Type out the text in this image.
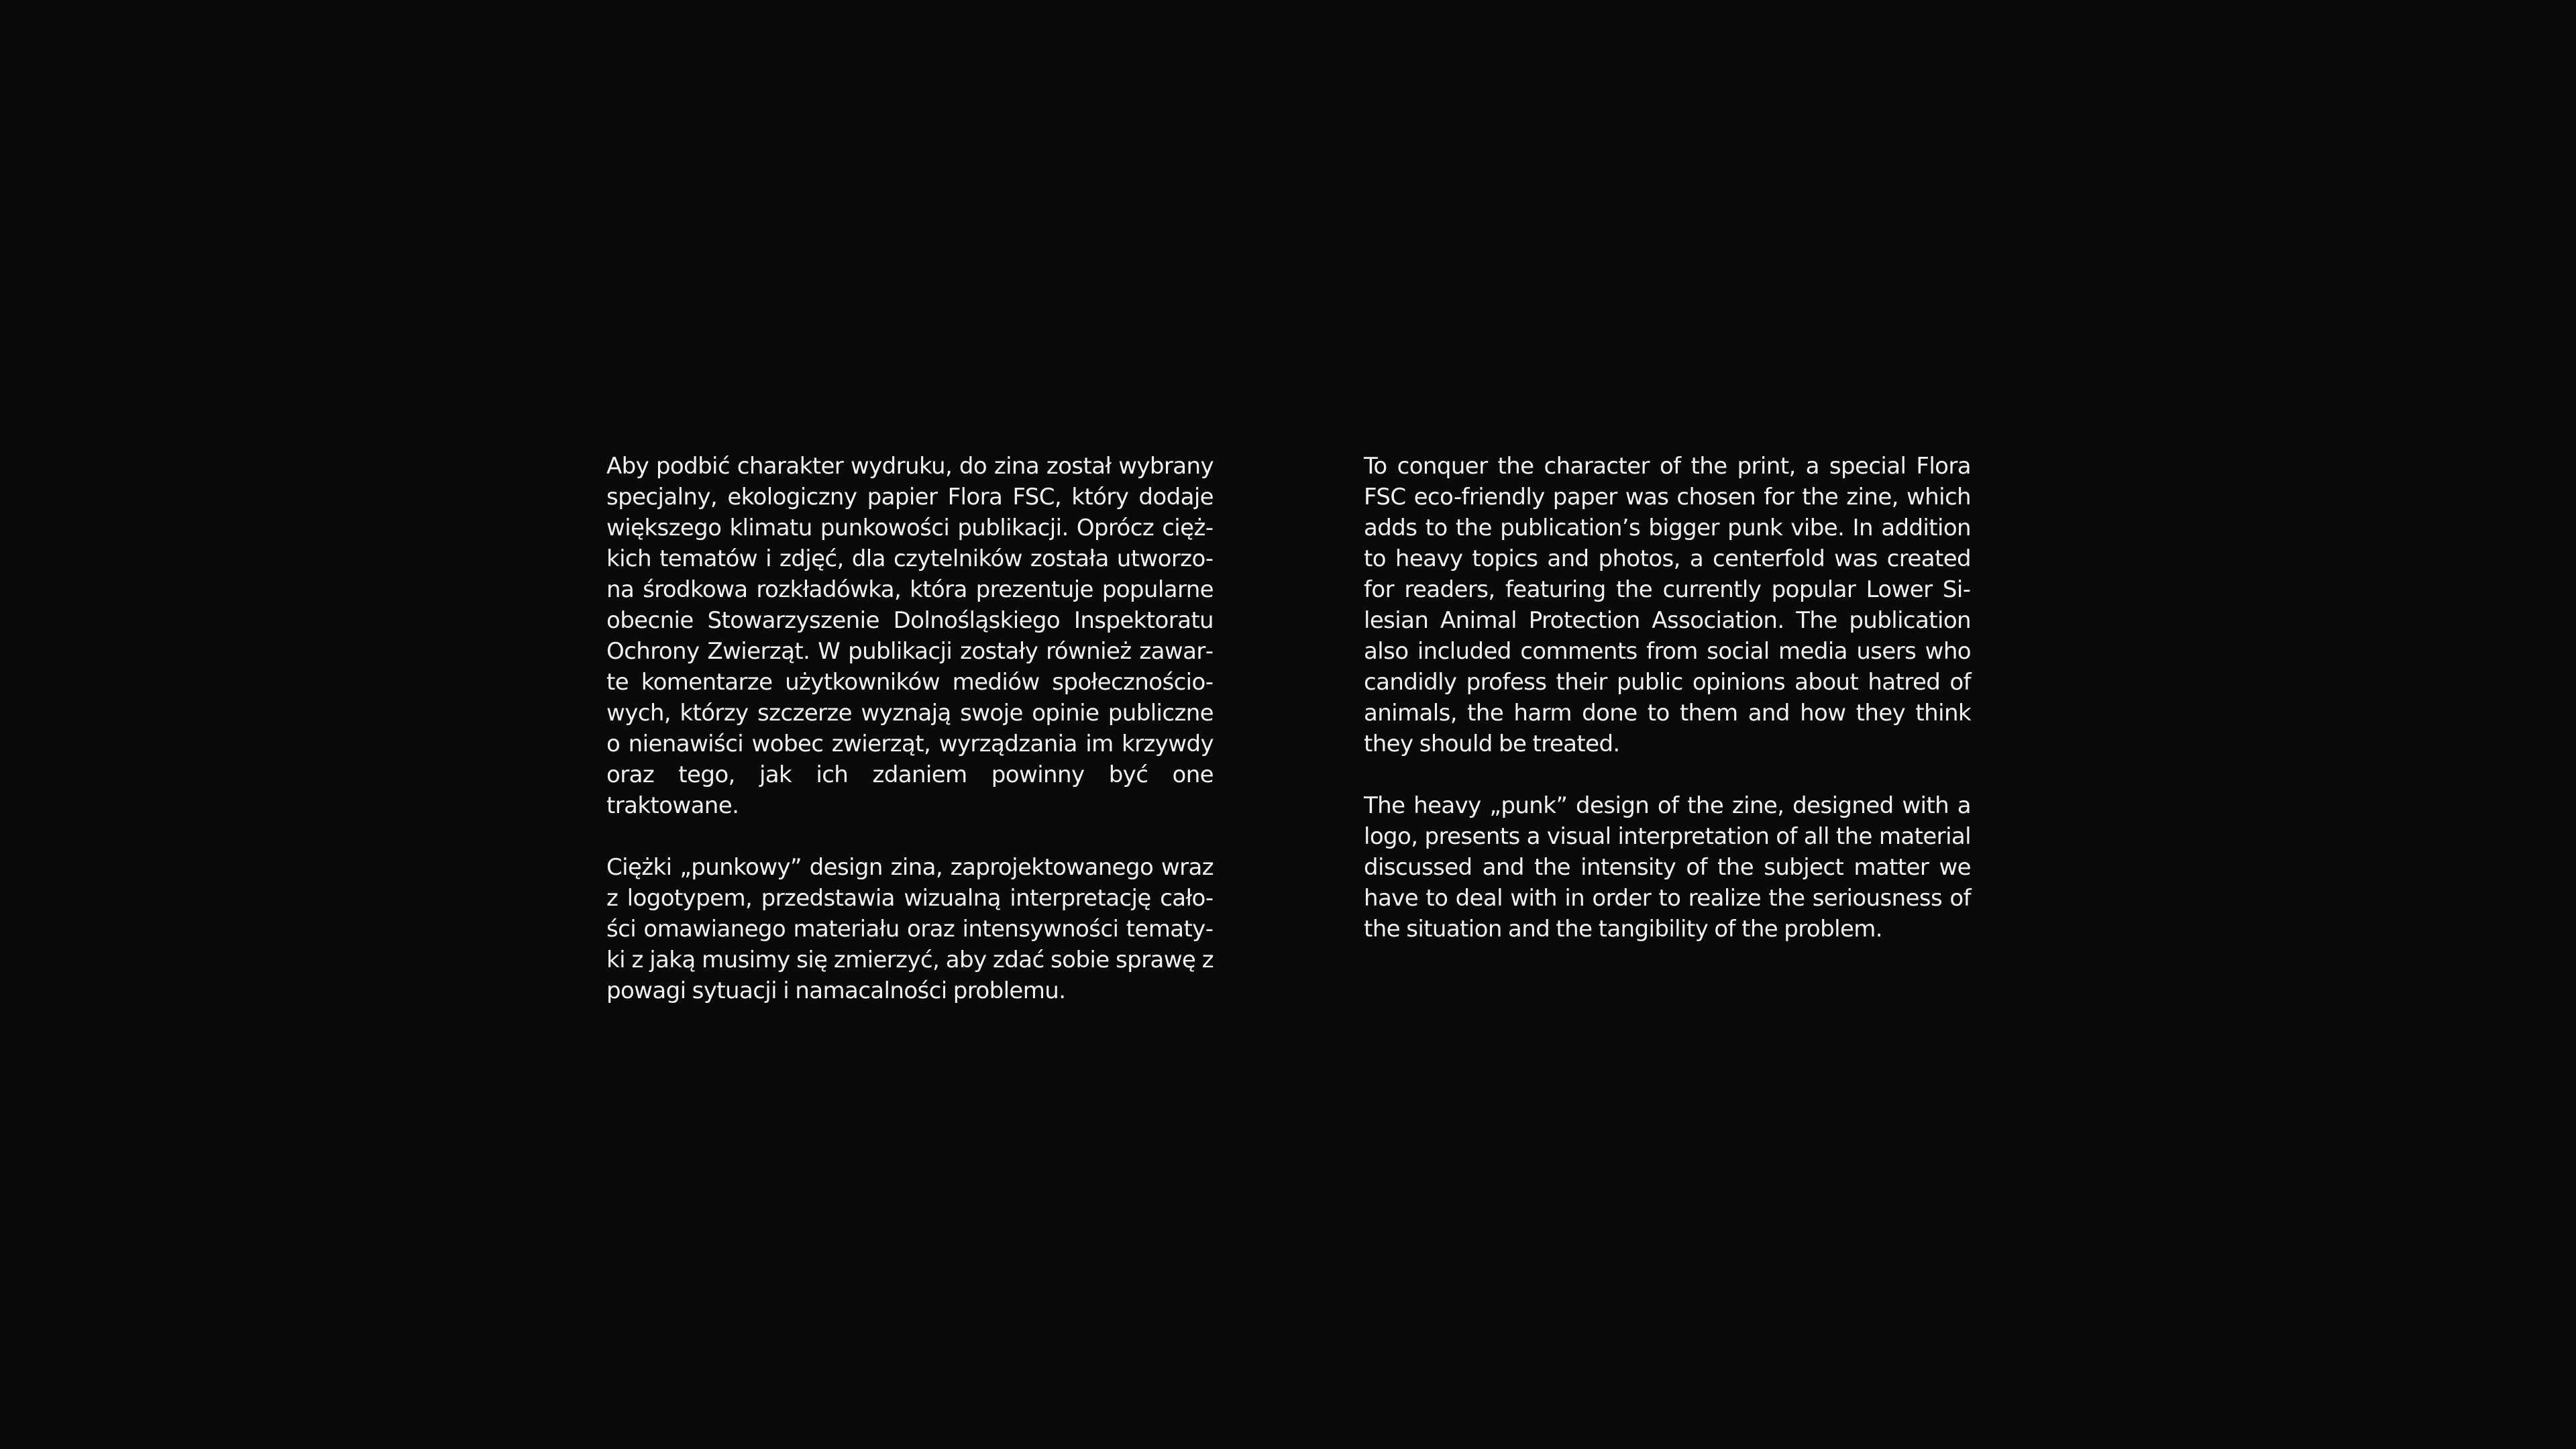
Aby podbić charakter wydruku, do zina został wybrany specjalny, ekologiczny papier Flora FSC, który dodaje większego klimatu punkowości publikacji. Oprócz ciężkich tematów i zdjęć, dla czytelników została utworzona środkowa rozkładówka, która prezentuje popularne obecnie Stowarzyszenie Dolnośląskiego Inspektoratu Ochrony Zwierząt. W publikacji zostały również zawarte komentarze użytkowników mediów społecznościowych, którzy szczerze wyznają swoje opinie publiczne o nienawiści wobec zwierząt, wyrządzania im krzywdy oraz tego, jak ich zdaniem powinny być one traktowane.

Ciężki „punkowy” design zina, zaprojektowanego wraz z logotypem, przedstawia wizualną interpretację całości omawianego materiału oraz intensywności tematyki z jaką musimy się zmierzyć, aby zdać sobie sprawę z powagi sytuacji i namacalności problemu.

To conquer the character of the print, a special Flora FSC eco-friendly paper was chosen for the zine, which adds to the publication’s bigger punk vibe. In addition to heavy topics and photos, a centerfold was created for readers, featuring the currently popular Lower Silesian Animal Protection Association. The publication also included comments from social media users who candidly profess their public opinions about hatred of animals, the harm done to them and how they think they should be treated.

The heavy „punk” design of the zine, designed with a logo, presents a visual interpretation of all the material discussed and the intensity of the subject matter we have to deal with in order to realize the seriousness of the situation and the tangibility of the problem.
